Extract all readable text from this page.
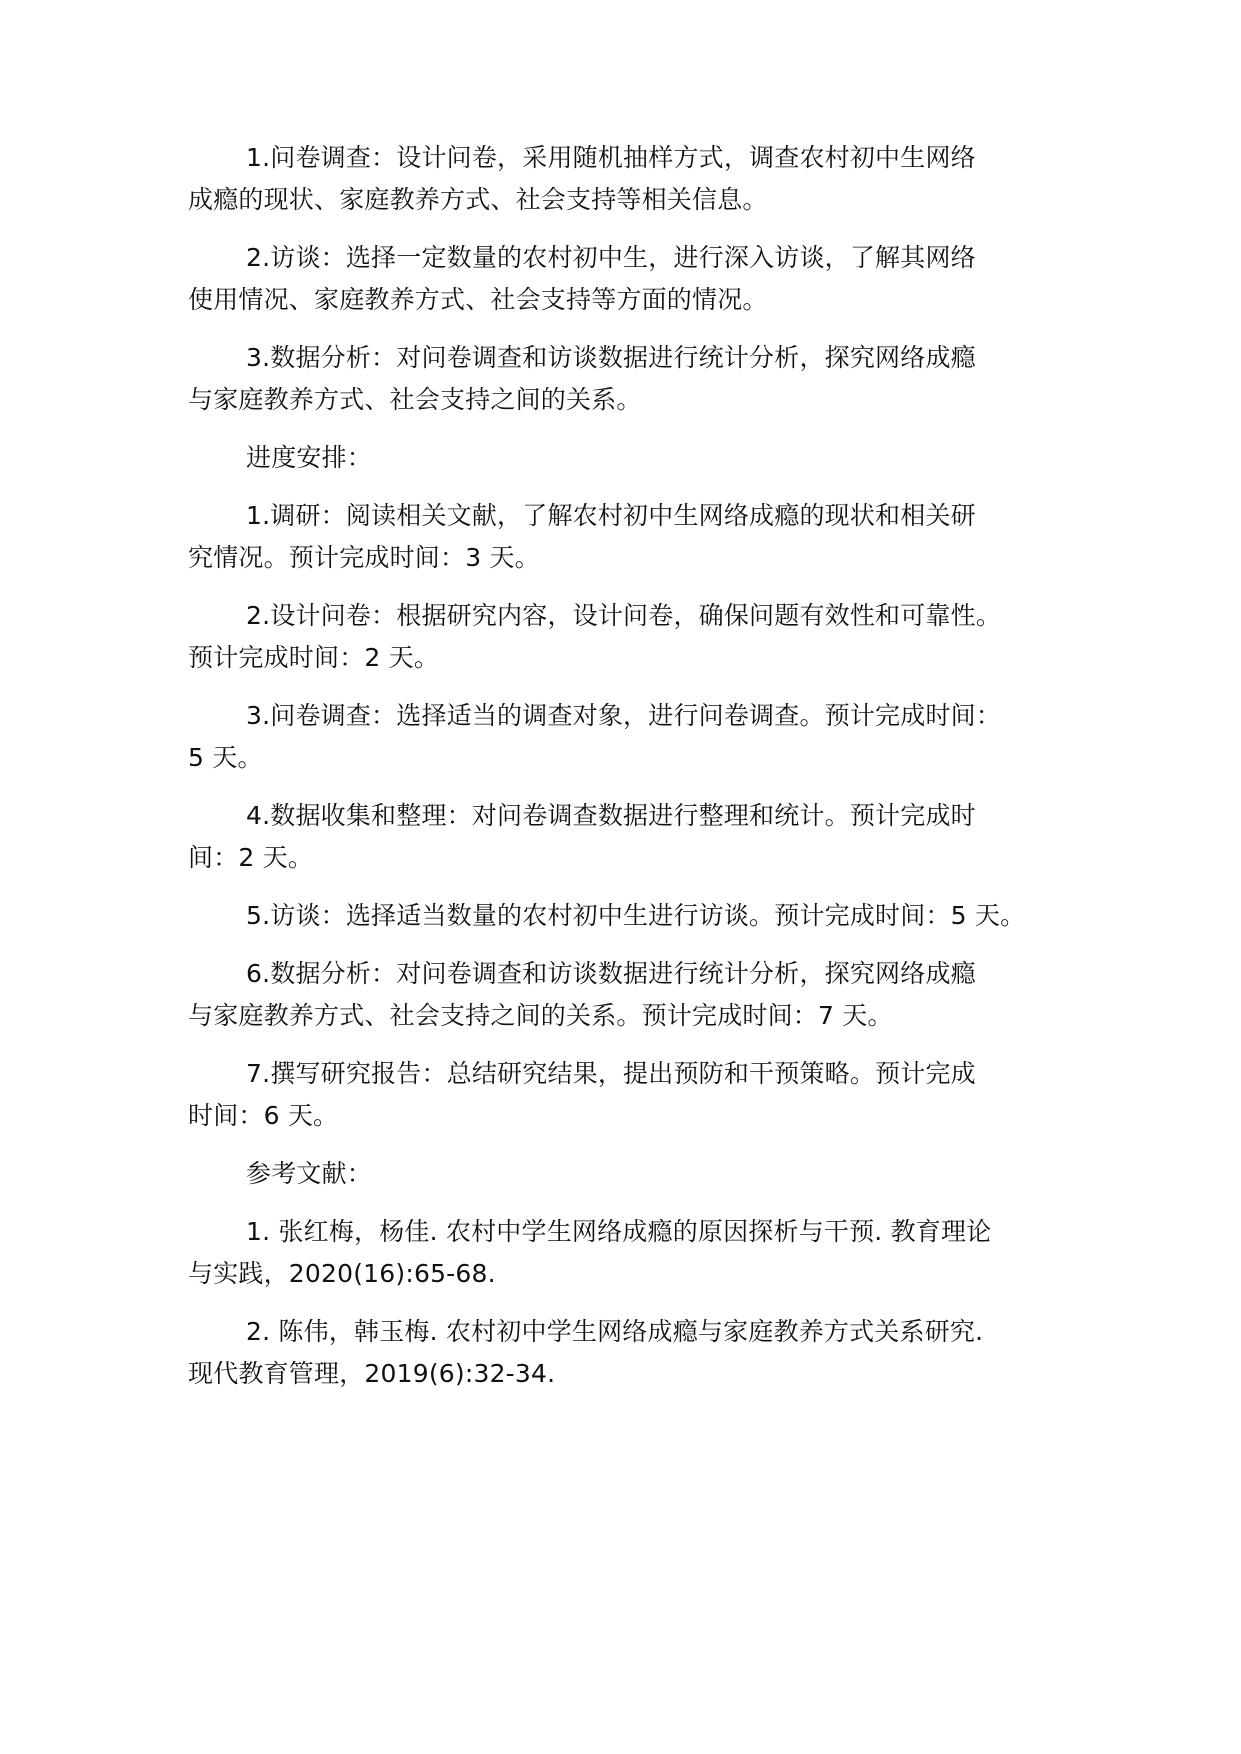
1.问卷调查：设计问卷，采用随机抽样方式，调查农村初中生网络
成瘾的现状、家庭教养方式、社会支持等相关信息。
2.访谈：选择一定数量的农村初中生，进行深入访谈，了解其网络
使用情况、家庭教养方式、社会支持等方面的情况。
3.数据分析：对问卷调查和访谈数据进行统计分析，探究网络成瘾
与家庭教养方式、社会支持之间的关系。
进度安排：
1.调研：阅读相关文献，了解农村初中生网络成瘾的现状和相关研
究情况。预计完成时间：3 天。
2.设计问卷：根据研究内容，设计问卷，确保问题有效性和可靠性。
预计完成时间：2 天。
3.问卷调查：选择适当的调查对象，进行问卷调查。预计完成时间：
5 天。
4.数据收集和整理：对问卷调查数据进行整理和统计。预计完成时
间：2 天。
5.访谈：选择适当数量的农村初中生进行访谈。预计完成时间：5 天。
6.数据分析：对问卷调查和访谈数据进行统计分析，探究网络成瘾
与家庭教养方式、社会支持之间的关系。预计完成时间：7 天。
7.撰写研究报告：总结研究结果，提出预防和干预策略。预计完成
时间：6 天。
参考文献：
1. 张红梅，杨佳. 农村中学生网络成瘾的原因探析与干预. 教育理论
与实践，2020(16):65-68.
2. 陈伟，韩玉梅. 农村初中学生网络成瘾与家庭教养方式关系研究.
现代教育管理，2019(6):32-34.
